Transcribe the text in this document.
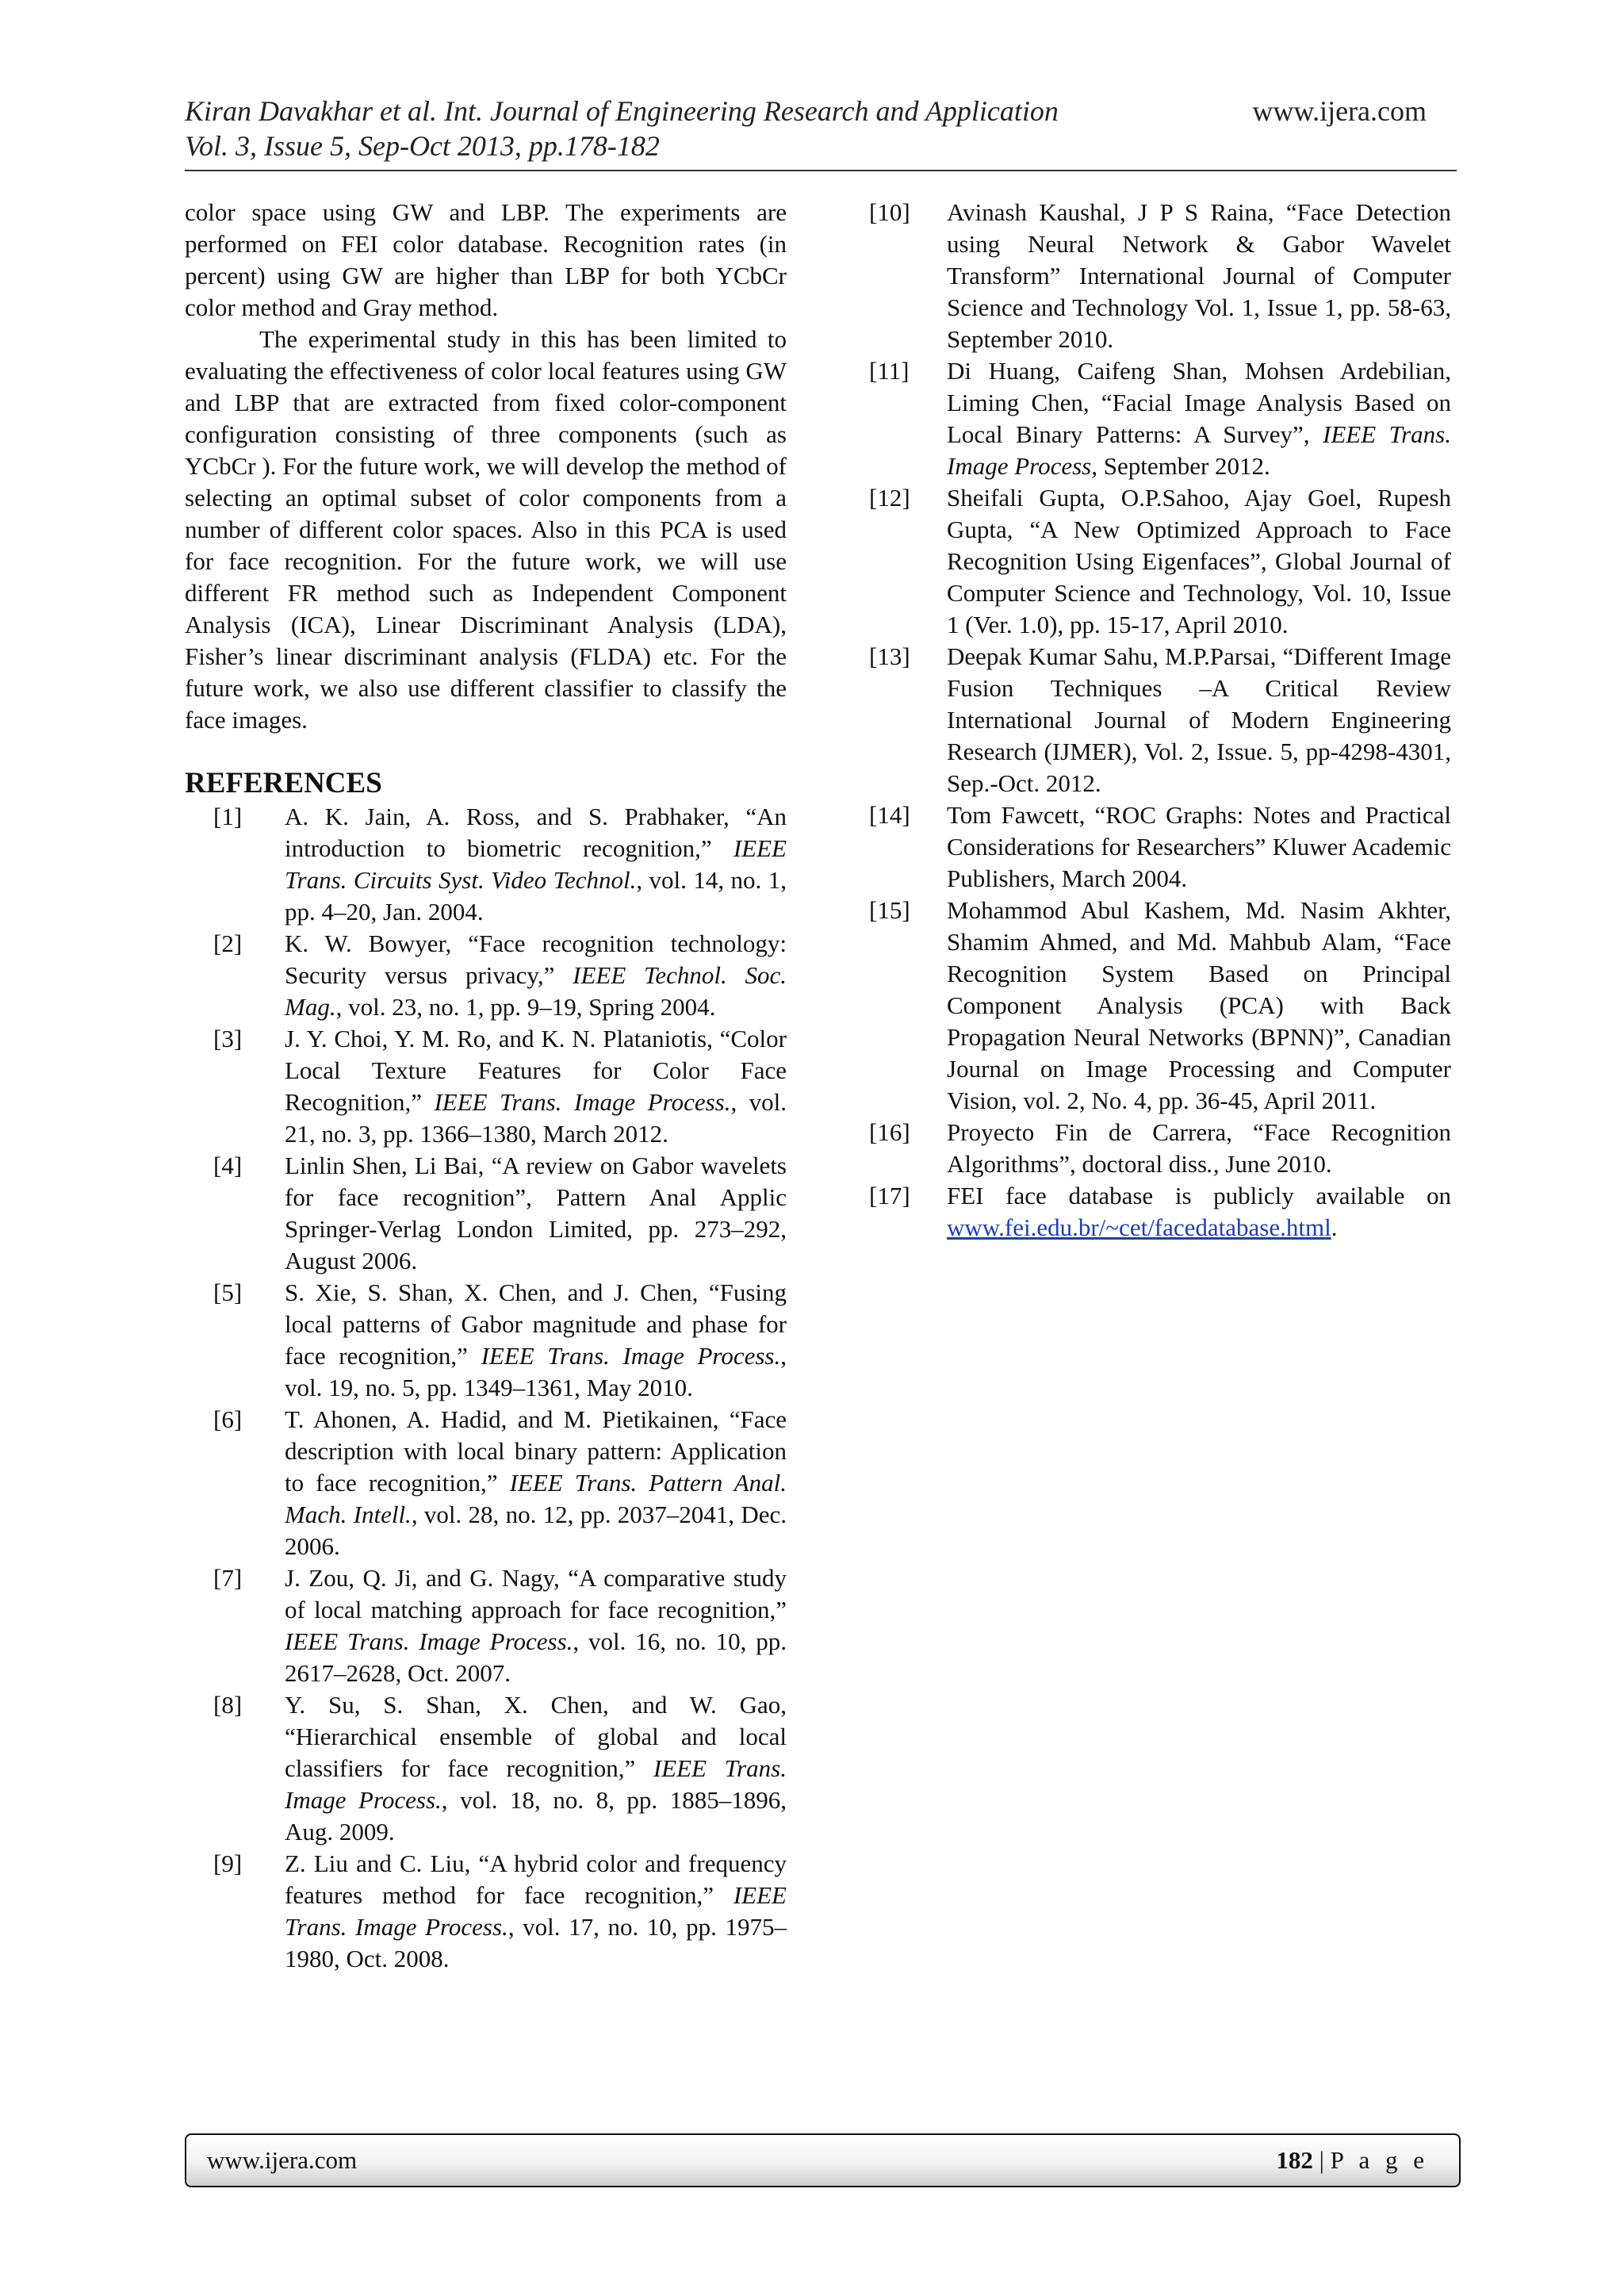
Kiran Davakhar et al. Int. Journal of Engineering Research and Application	www.ijera.com
Vol. 3, Issue 5, Sep-Oct 2013, pp.178-182

color space using GW and LBP. The experiments are performed on FEI color database. Recognition rates (in percent) using GW are higher than LBP for both YCbCr color method and Gray method.

The experimental study in this has been limited to evaluating the effectiveness of color local features using GW and LBP that are extracted from fixed color-component configuration consisting of three components (such as YCbCr ). For the future work, we will develop the method of selecting an optimal subset of color components from a number of different color spaces. Also in this PCA is used for face recognition. For the future work, we will use different FR method such as Independent Component Analysis (ICA), Linear Discriminant Analysis (LDA), Fisher’s linear discriminant analysis (FLDA) etc. For the future work, we also use different classifier to classify the face images.

REFERENCES
[1] A. K. Jain, A. Ross, and S. Prabhaker, “An introduction to biometric recognition,” IEEE Trans. Circuits Syst. Video Technol., vol. 14, no. 1, pp. 4–20, Jan. 2004.
[2] K. W. Bowyer, “Face recognition technology: Security versus privacy,” IEEE Technol. Soc. Mag., vol. 23, no. 1, pp. 9–19, Spring 2004.
[3] J. Y. Choi, Y. M. Ro, and K. N. Plataniotis, “Color Local Texture Features for Color Face Recognition,” IEEE Trans. Image Process., vol. 21, no. 3, pp. 1366–1380, March 2012.
[4] Linlin Shen, Li Bai, “A review on Gabor wavelets for face recognition”, Pattern Anal Applic Springer-Verlag London Limited, pp. 273–292, August 2006.
[5] S. Xie, S. Shan, X. Chen, and J. Chen, “Fusing local patterns of Gabor magnitude and phase for face recognition,” IEEE Trans. Image Process., vol. 19, no. 5, pp. 1349–1361, May 2010.
[6] T. Ahonen, A. Hadid, and M. Pietikainen, “Face description with local binary pattern: Application to face recognition,” IEEE Trans. Pattern Anal. Mach. Intell., vol. 28, no. 12, pp. 2037–2041, Dec. 2006.
[7] J. Zou, Q. Ji, and G. Nagy, “A comparative study of local matching approach for face recognition,” IEEE Trans. Image Process., vol. 16, no. 10, pp. 2617–2628, Oct. 2007.
[8] Y. Su, S. Shan, X. Chen, and W. Gao, “Hierarchical ensemble of global and local classifiers for face recognition,” IEEE Trans. Image Process., vol. 18, no. 8, pp. 1885–1896, Aug. 2009.
[9] Z. Liu and C. Liu, “A hybrid color and frequency features method for face recognition,” IEEE Trans. Image Process., vol. 17, no. 10, pp. 1975–1980, Oct. 2008.
[10] Avinash Kaushal, J P S Raina, “Face Detection using Neural Network & Gabor Wavelet Transform” International Journal of Computer Science and Technology Vol. 1, Issue 1, pp. 58-63, September 2010.
[11] Di Huang, Caifeng Shan, Mohsen Ardebilian, Liming Chen, “Facial Image Analysis Based on Local Binary Patterns: A Survey”, IEEE Trans. Image Process, September 2012.
[12] Sheifali Gupta, O.P.Sahoo, Ajay Goel, Rupesh Gupta, “A New Optimized Approach to Face Recognition Using Eigenfaces”, Global Journal of Computer Science and Technology, Vol. 10, Issue 1 (Ver. 1.0), pp. 15-17, April 2010.
[13] Deepak Kumar Sahu, M.P.Parsai, “Different Image Fusion Techniques –A Critical Review International Journal of Modern Engineering Research (IJMER), Vol. 2, Issue. 5, pp-4298-4301, Sep.-Oct. 2012.
[14] Tom Fawcett, “ROC Graphs: Notes and Practical Considerations for Researchers” Kluwer Academic Publishers, March 2004.
[15] Mohammod Abul Kashem, Md. Nasim Akhter, Shamim Ahmed, and Md. Mahbub Alam, “Face Recognition System Based on Principal Component Analysis (PCA) with Back Propagation Neural Networks (BPNN)”, Canadian Journal on Image Processing and Computer Vision, vol. 2, No. 4, pp. 36-45, April 2011.
[16] Proyecto Fin de Carrera, “Face Recognition Algorithms”, doctoral diss., June 2010.
[17] FEI face database is publicly available on www.fei.edu.br/~cet/facedatabase.html.
www.ijera.com	182 | P a g e
